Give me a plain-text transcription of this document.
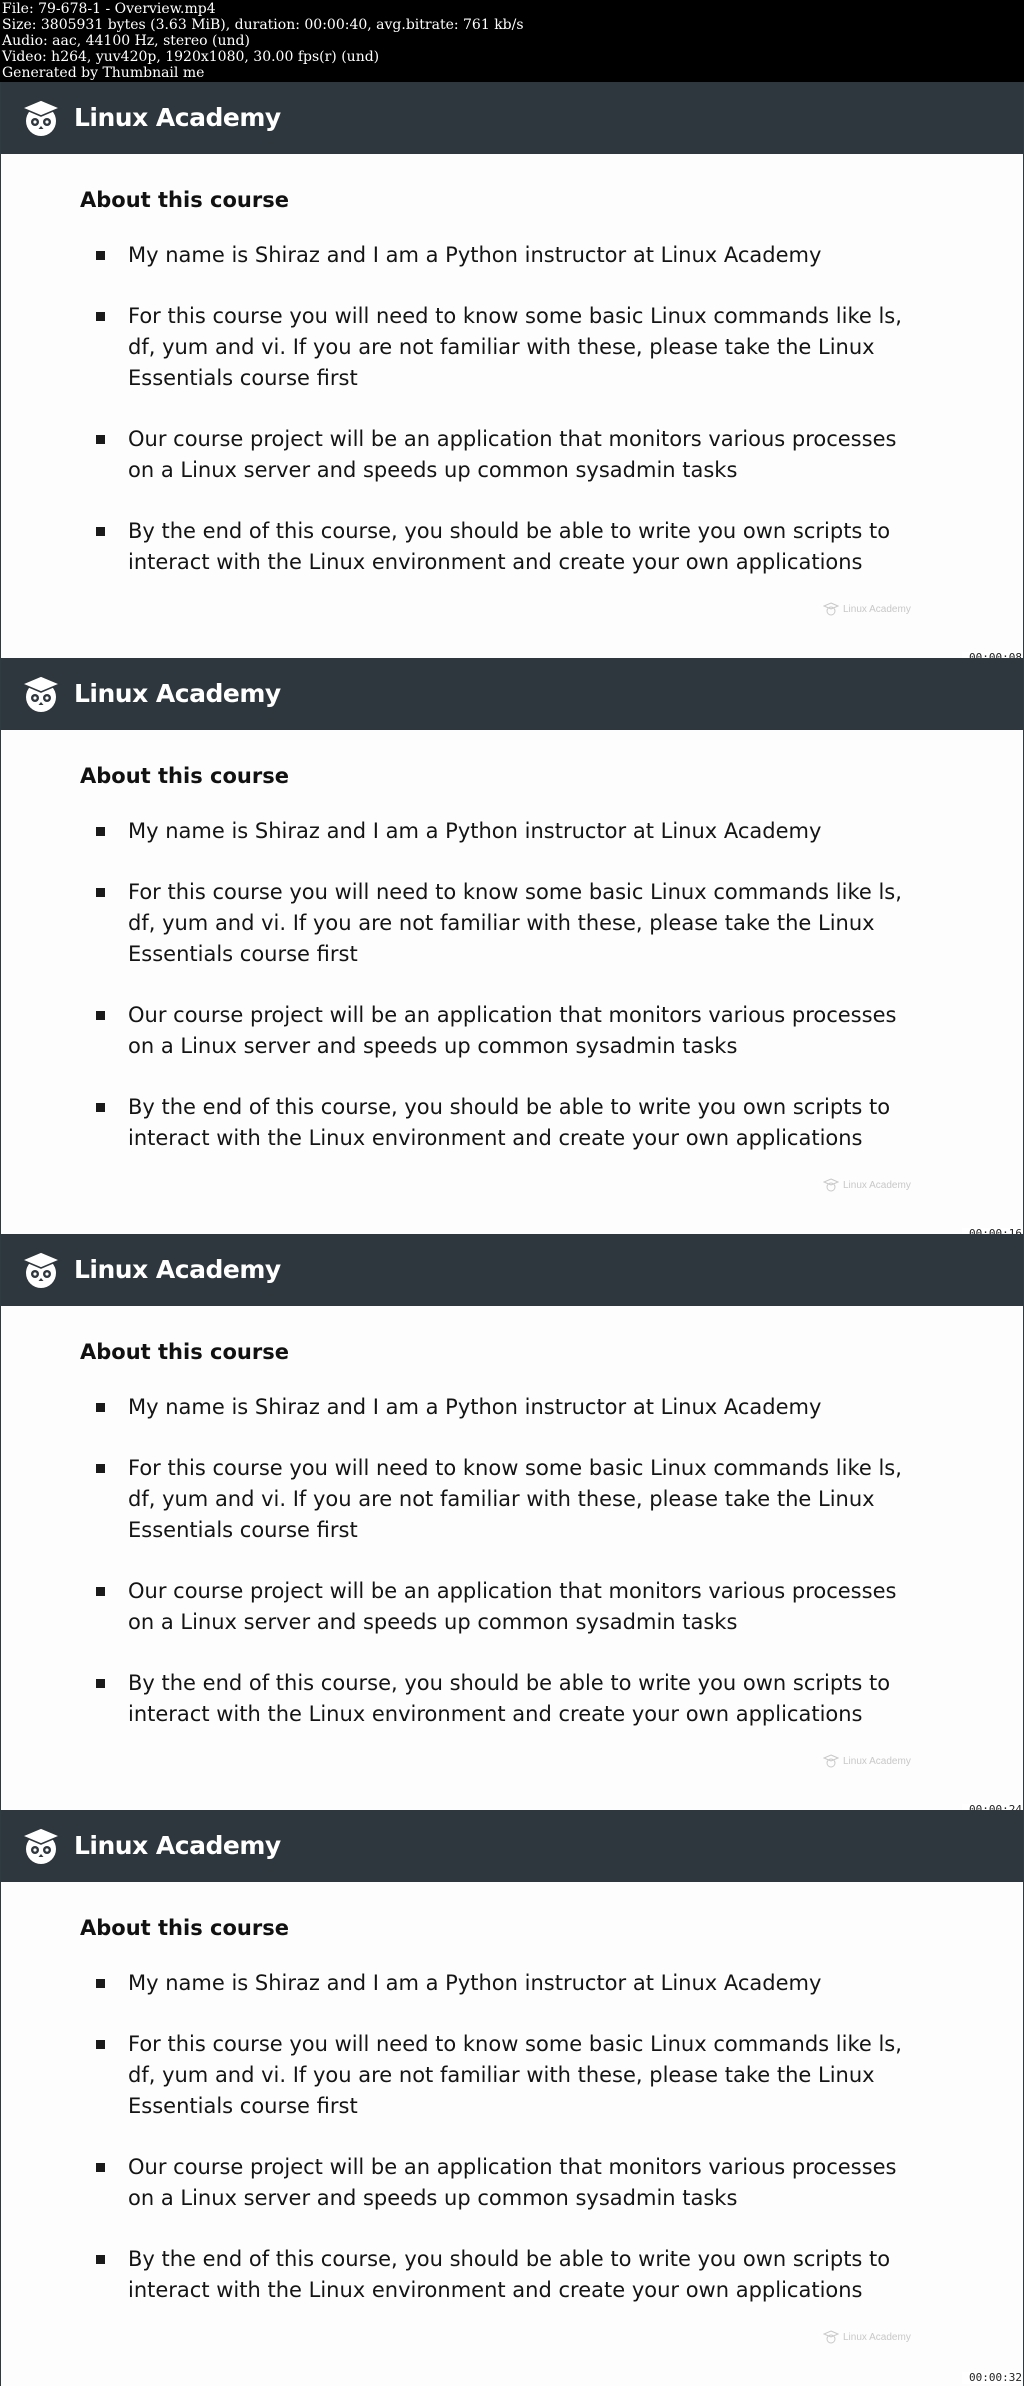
File: 79-678-1 - Overview.mp4
Size: 3805931 bytes (3.63 MiB), duration: 00:00:40, avg.bitrate: 761 kb/s
Audio: aac, 44100 Hz, stereo (und)
Video: h264, yuv420p, 1920x1080, 30.00 fps(r) (und)
Generated by Thumbnail me
Linux Academy
About this course
My name is Shiraz and I am a Python instructor at Linux Academy
For this course you will need to know some basic Linux commands like ls, df, yum and vi. If you are not familiar with these, please take the Linux Essentials course first
Our course project will be an application that monitors various processes on a Linux server and speeds up common sysadmin tasks
By the end of this course, you should be able to write you own scripts to interact with the Linux environment and create your own applications
Linux Academy
Linux Academy
About this course
My name is Shiraz and I am a Python instructor at Linux Academy
For this course you will need to know some basic Linux commands like ls, df, yum and vi. If you are not familiar with these, please take the Linux Essentials course first
Our course project will be an application that monitors various processes on a Linux server and speeds up common sysadmin tasks
By the end of this course, you should be able to write you own scripts to interact with the Linux environment and create your own applications
Linux Academy
Linux Academy
About this course
My name is Shiraz and I am a Python instructor at Linux Academy
For this course you will need to know some basic Linux commands like ls, df, yum and vi. If you are not familiar with these, please take the Linux Essentials course first
Our course project will be an application that monitors various processes on a Linux server and speeds up common sysadmin tasks
By the end of this course, you should be able to write you own scripts to interact with the Linux environment and create your own applications
Linux Academy
Linux Academy
About this course
My name is Shiraz and I am a Python instructor at Linux Academy
For this course you will need to know some basic Linux commands like ls, df, yum and vi. If you are not familiar with these, please take the Linux Essentials course first
Our course project will be an application that monitors various processes on a Linux server and speeds up common sysadmin tasks
By the end of this course, you should be able to write you own scripts to interact with the Linux environment and create your own applications
Linux Academy
00:00:32
